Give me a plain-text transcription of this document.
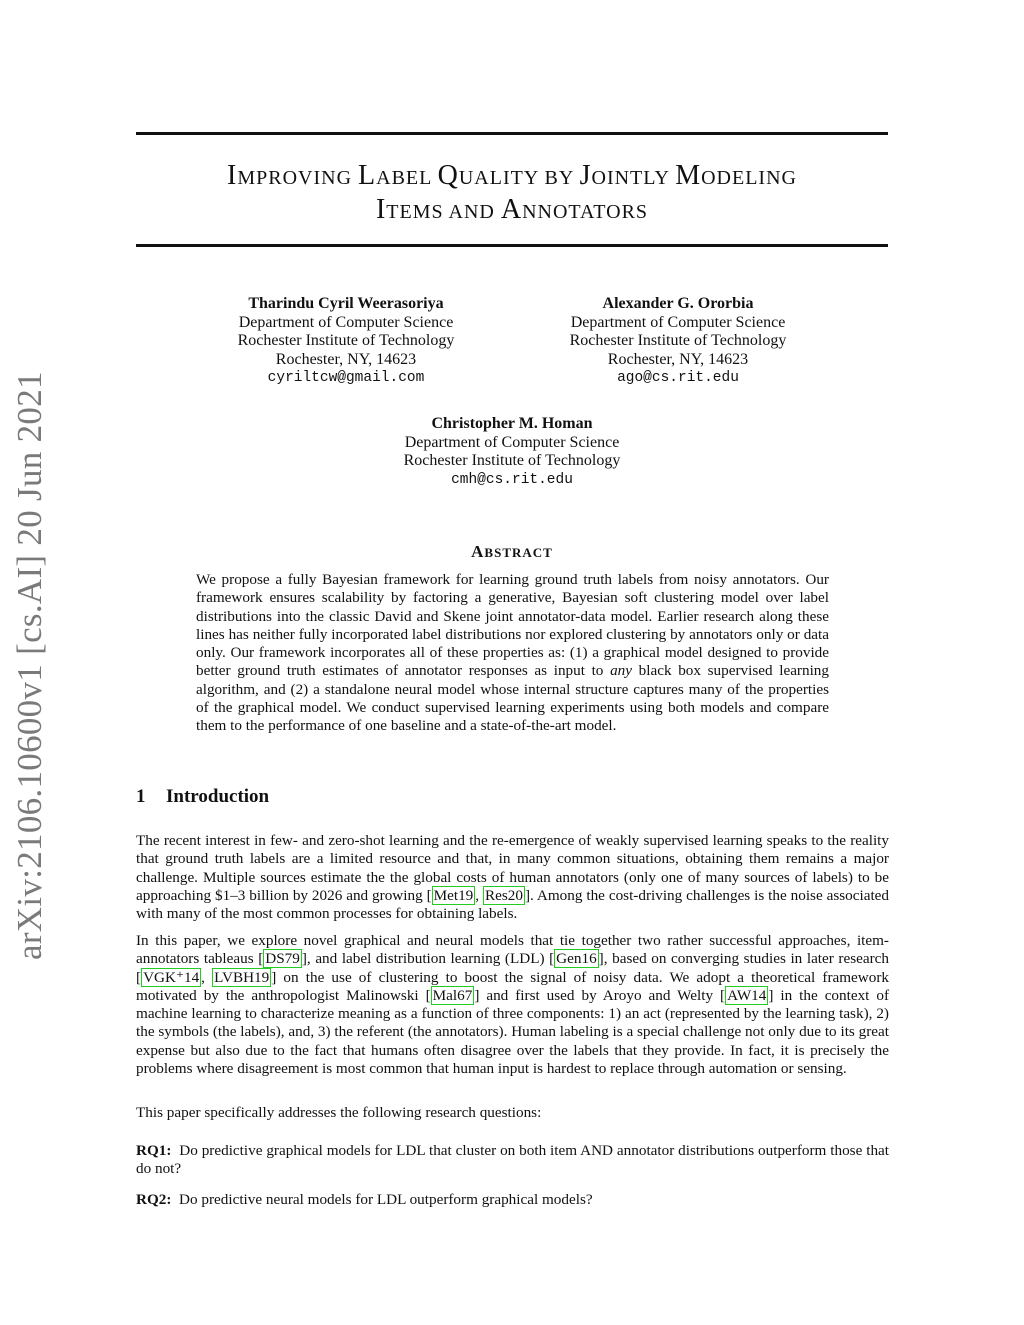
arXiv:2106.10600v1 [cs.AI] 20 Jun 2021
IMPROVING LABEL QUALITY BY JOINTLY MODELING
ITEMS AND ANNOTATORS
Tharindu Cyril Weerasoriya
Department of Computer Science
Rochester Institute of Technology
Rochester, NY, 14623
cyriltcw@gmail.com
Alexander G. Ororbia
Department of Computer Science
Rochester Institute of Technology
Rochester, NY, 14623
ago@cs.rit.edu
Christopher M. Homan
Department of Computer Science
Rochester Institute of Technology
cmh@cs.rit.edu
ABSTRACT
We propose a fully Bayesian framework for learning ground truth labels from noisy annotators. Our framework ensures scalability by factoring a generative, Bayesian soft clustering model over label distributions into the classic David and Skene joint annotator-data model. Earlier research along these lines has neither fully incorporated label distributions nor explored clustering by annotators only or data only. Our framework incorporates all of these properties as: (1) a graphical model designed to provide better ground truth estimates of annotator responses as input to any black box supervised learning algorithm, and (2) a standalone neural model whose internal structure captures many of the properties of the graphical model. We conduct supervised learning experiments using both models and compare them to the performance of one baseline and a state-of-the-art model.
1 Introduction

The recent interest in few- and zero-shot learning and the re-emergence of weakly supervised learning speaks to the reality that ground truth labels are a limited resource and that, in many common situations, obtaining them remains a major challenge. Multiple sources estimate the the global costs of human annotators (only one of many sources of labels) to be approaching $1–3 billion by 2026 and growing [ Met19 , Res20 ]. Among the cost-driving challenges is the noise associated with many of the most common processes for obtaining labels.

In this paper, we explore novel graphical and neural models that tie together two rather successful approaches, item-annotators tableaus [ DS79 ], and label distribution learning (LDL) [ Gen16 ], based on converging studies in later research [ VGK⁺14 , LVBH19 ] on the use of clustering to boost the signal of noisy data. We adopt a theoretical framework motivated by the anthropologist Malinowski [ Mal67 ] and first used by Aroyo and Welty [ AW14 ] in the context of machine learning to characterize meaning as a function of three components: 1) an act (represented by the learning task), 2) the symbols (the labels), and, 3) the referent (the annotators). Human labeling is a special challenge not only due to its great expense but also due to the fact that humans often disagree over the labels that they provide. In fact, it is precisely the problems where disagreement is most common that human input is hardest to replace through automation or sensing.

This paper specifically addresses the following research questions:

RQ1: Do predictive graphical models for LDL that cluster on both item AND annotator distributions outperform those that do not?

RQ2: Do predictive neural models for LDL outperform graphical models?
